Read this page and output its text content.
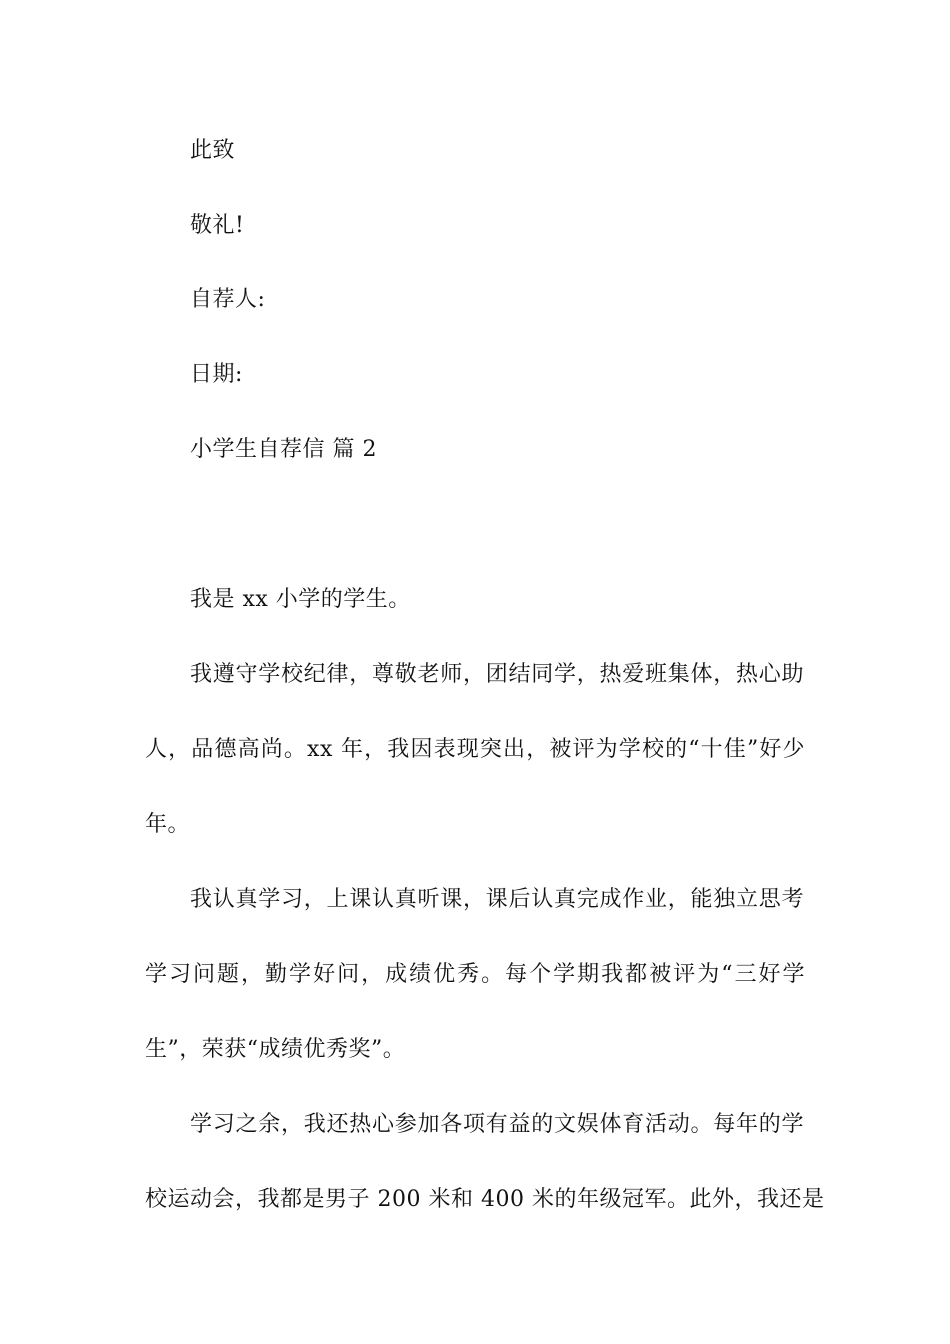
此致
敬礼!
自荐人:
日期:
小学生自荐信 篇 2
我是 xx 小学的学生。
我遵守学校纪律，尊敬老师，团结同学，热爱班集体，热心助
人，品德高尚。xx 年，我因表现突出，被评为学校的“十佳”好少
年。
我认真学习，上课认真听课，课后认真完成作业，能独立思考
学习问题，勤学好问，成绩优秀。每个学期我都被评为“三好学
生”，荣获“成绩优秀奖”。
学习之余，我还热心参加各项有益的文娱体育活动。每年的学
校运动会，我都是男子 200 米和 400 米的年级冠军。此外，我还是
